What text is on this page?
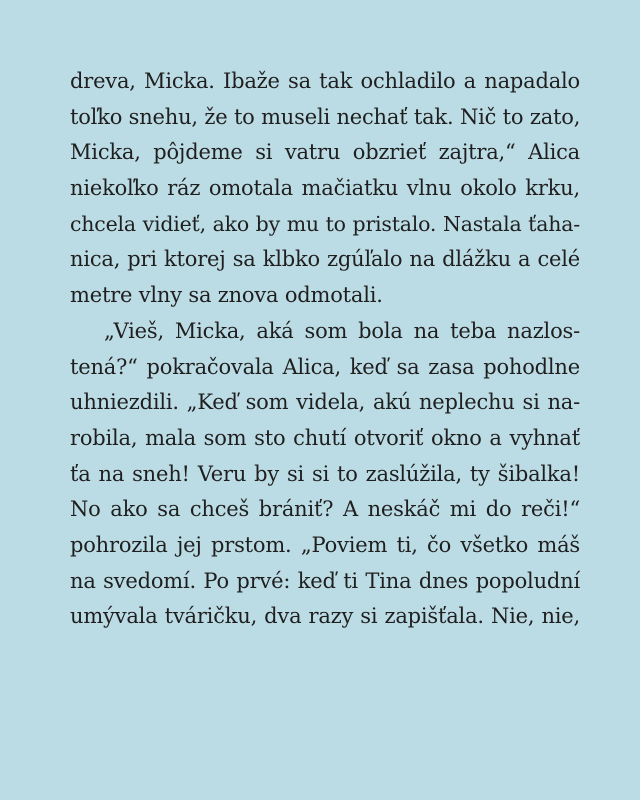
dreva, Micka. Ibaže sa tak ochladilo a napadalo
toľko snehu, že to museli nechať tak. Nič to zato,
Micka, pôjdeme si vatru obzrieť zajtra,“ Alica
niekoľko ráz omotala mačiatku vlnu okolo krku,
chcela vidieť, ako by mu to pristalo. Nastala ťaha-
nica, pri ktorej sa klbko zgúľalo na dlážku a celé
metre vlny sa znova odmotali.
„Vieš, Micka, aká som bola na teba nazlos-
tená?“ pokračovala Alica, keď sa zasa pohodlne
uhniezdili. „Keď som videla, akú neplechu si na-
robila, mala som sto chutí otvoriť okno a vyhnať
ťa na sneh! Veru by si si to zaslúžila, ty šibalka!
No ako sa chceš brániť? A neskáč mi do reči!“
pohrozila jej prstom. „Poviem ti, čo všetko máš
na svedomí. Po prvé: keď ti Tina dnes popoludní
umývala tváričku, dva razy si zapišťala. Nie, nie,
